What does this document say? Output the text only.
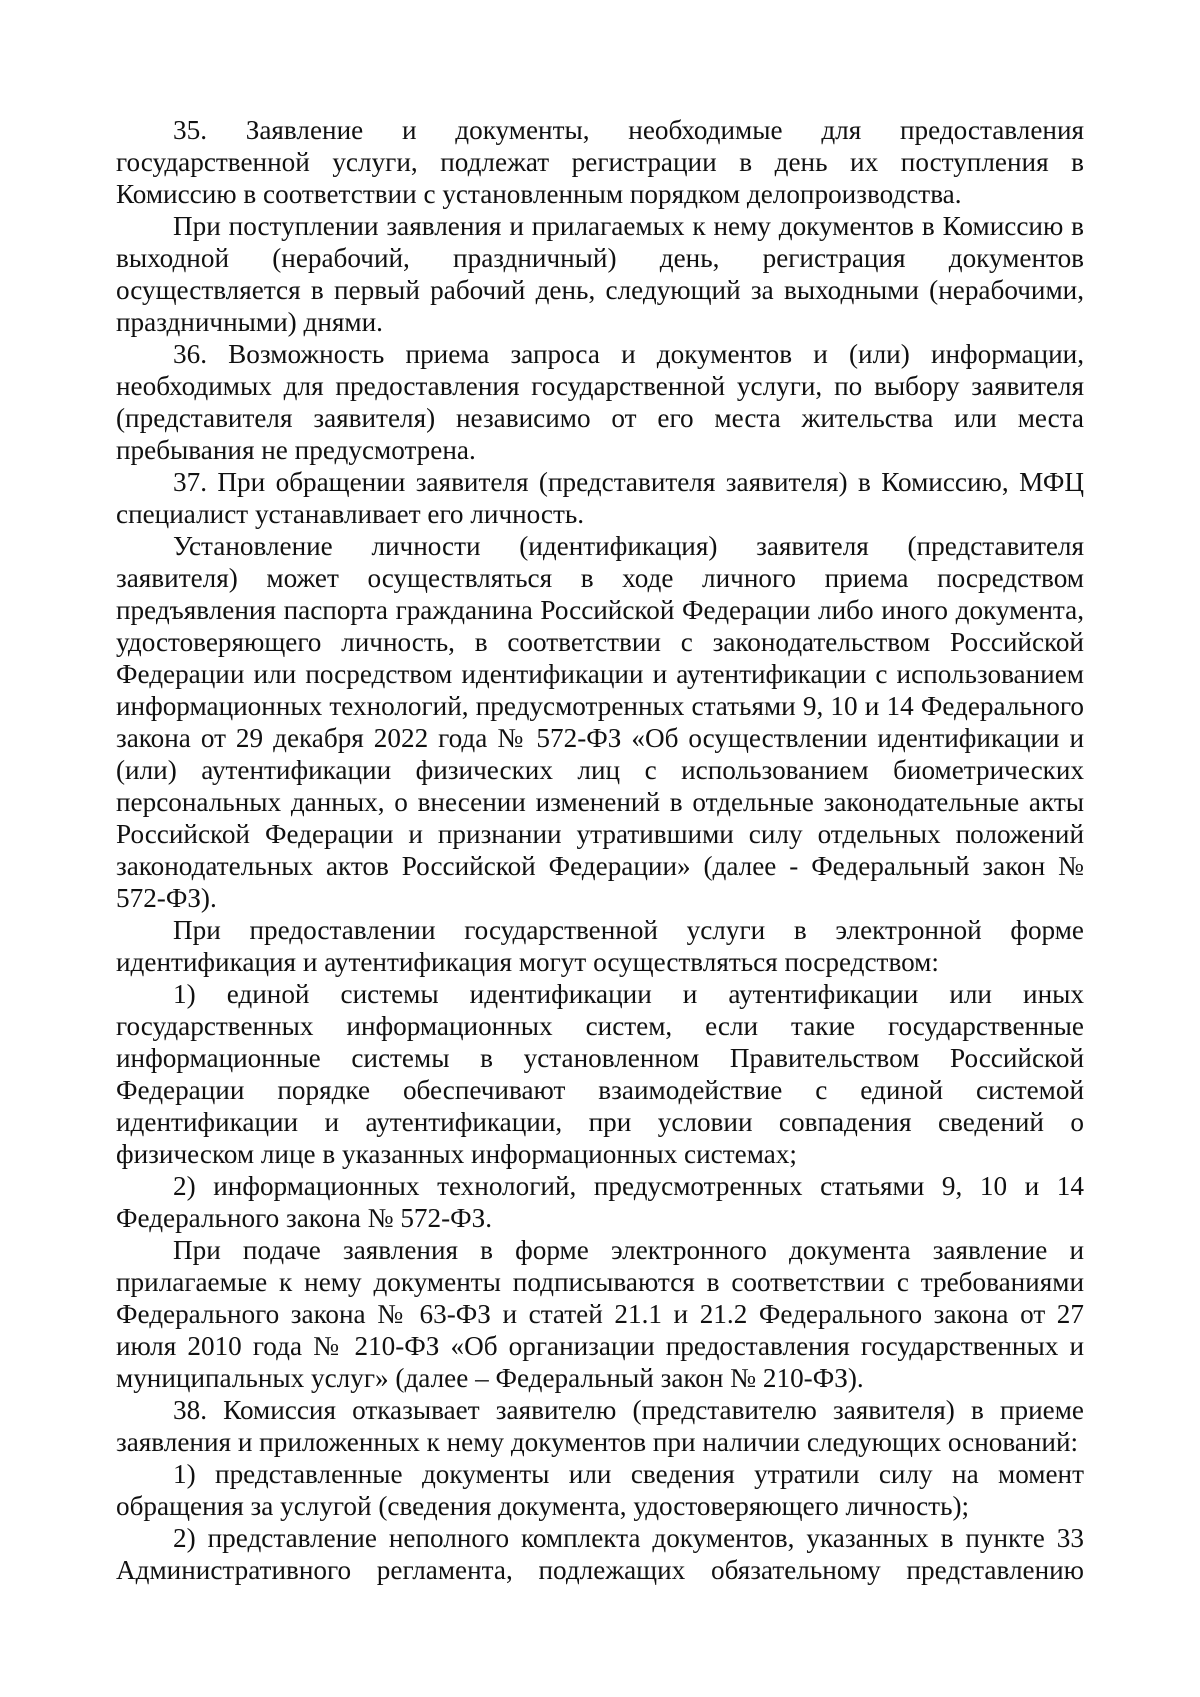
35. Заявление и документы, необходимые для предоставления государственной услуги, подлежат регистрации в день их поступления в Комиссию в соответствии с установленным порядком делопроизводства.

При поступлении заявления и прилагаемых к нему документов в Комиссию в выходной (нерабочий, праздничный) день, регистрация документов осуществляется в первый рабочий день, следующий за выходными (нерабочими, праздничными) днями.

36. Возможность приема запроса и документов и (или) информации, необходимых для предоставления государственной услуги, по выбору заявителя (представителя заявителя) независимо от его места жительства или места пребывания не предусмотрена.

37. При обращении заявителя (представителя заявителя) в Комиссию, МФЦ специалист устанавливает его личность.

Установление личности (идентификация) заявителя (представителя заявителя) может осуществляться в ходе личного приема посредством предъявления паспорта гражданина Российской Федерации либо иного документа, удостоверяющего личность, в соответствии с законодательством Российской Федерации или посредством идентификации и аутентификации с использованием информационных технологий, предусмотренных статьями 9, 10 и 14 Федерального закона от 29 декабря 2022 года № 572-ФЗ «Об осуществлении идентификации и (или) аутентификации физических лиц с использованием биометрических персональных данных, о внесении изменений в отдельные законодательные акты Российской Федерации и признании утратившими силу отдельных положений законодательных актов Российской Федерации» (далее - Федеральный закон № 572-ФЗ).

При предоставлении государственной услуги в электронной форме идентификация и аутентификация могут осуществляться посредством:

1) единой системы идентификации и аутентификации или иных государственных информационных систем, если такие государственные информационные системы в установленном Правительством Российской Федерации порядке обеспечивают взаимодействие с единой системой идентификации и аутентификации, при условии совпадения сведений о физическом лице в указанных информационных системах;

2) информационных технологий, предусмотренных статьями 9, 10 и 14 Федерального закона № 572-ФЗ.

При подаче заявления в форме электронного документа заявление и прилагаемые к нему документы подписываются в соответствии с требованиями Федерального закона № 63-ФЗ и статей 21.1 и 21.2 Федерального закона от 27 июля 2010 года № 210-ФЗ «Об организации предоставления государственных и муниципальных услуг» (далее – Федеральный закон № 210-ФЗ).

38. Комиссия отказывает заявителю (представителю заявителя) в приеме заявления и приложенных к нему документов при наличии следующих оснований:

1) представленные документы или сведения утратили силу на момент обращения за услугой (сведения документа, удостоверяющего личность);

2) представление неполного комплекта документов, указанных в пункте 33 Административного регламента, подлежащих обязательному представлению
